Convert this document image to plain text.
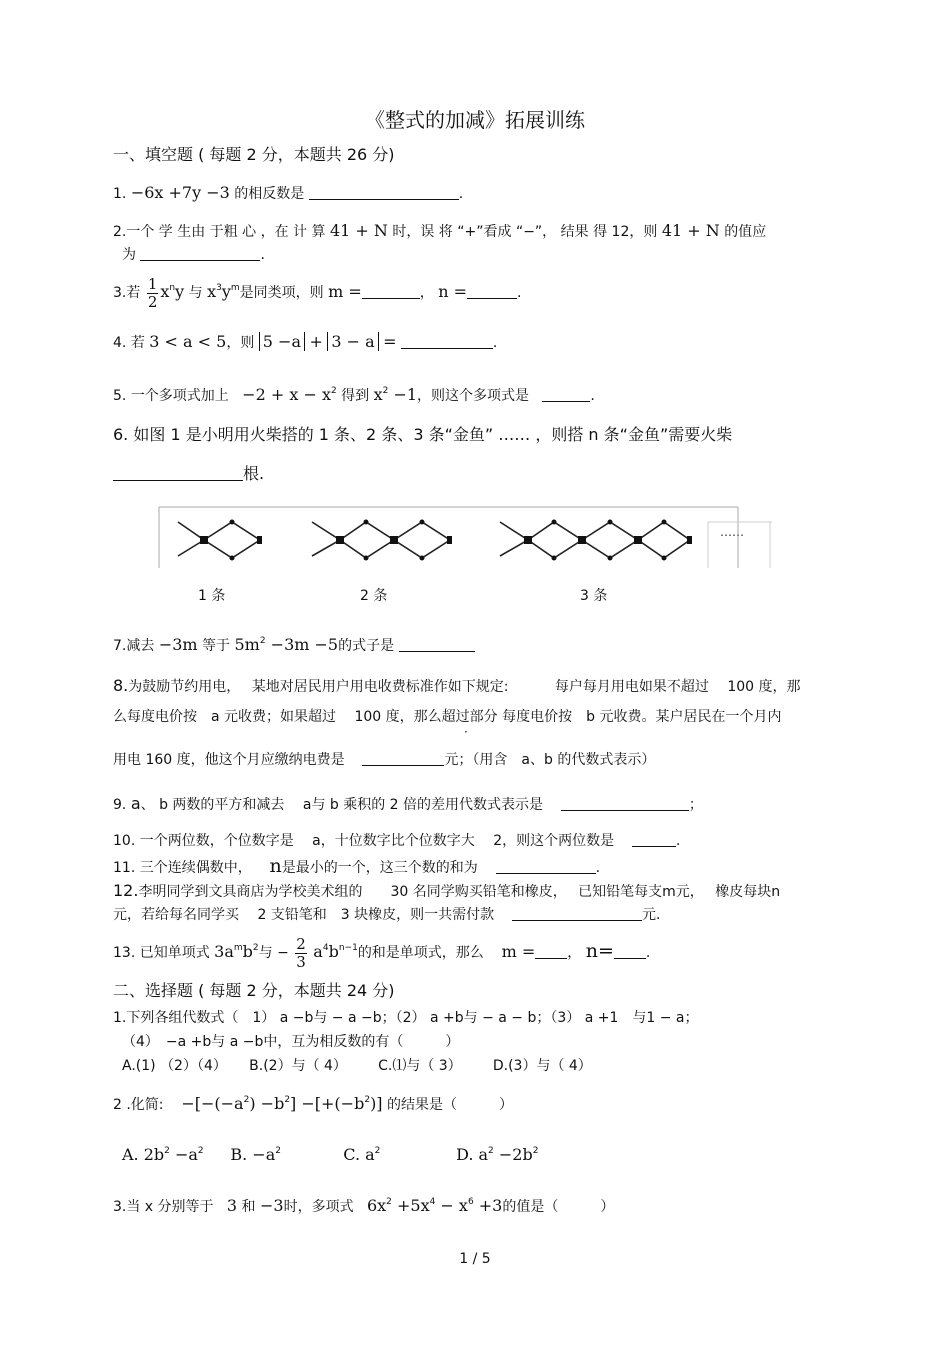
《整式的加减》拓展训练
一、填空题 ( 每题 2 分，本题共 26 分)
1. −6x +7y −3 的相反数是	.
2.一个 学 生由 于粗 心 ，在 计 算 41 + N 时，误 将 “+”看成 “−”， 结果 得 12，则 41 + N 的值应
为	.
3.若 $\frac{1}{2} x^ny$ 与 $x^3y^m$是同类项，则 m =	， n =	.
4. 若 3 < a < 5，则 5 −a + 3 − a =	.
5. 一个多项式加上 $-2 + x - x^2$ 得到 $x^2 -1$，则这个多项式是	.
6. 如图 1 是小明用火柴搭的 1 条、2 条、3 条“金鱼” …… ，则搭 n 条“金鱼”需要火柴
根.
……
1 条	2 条	3 条
7.减去 −3m 等于 $5m^2 -3m -5$的式子是
8.为鼓励节约用电，　 某地对居民用户用电收费标准作如下规定:　　　 每户每月用电如果不超过　 100 度，那
么每度电价按　a 元收费；如果超过　 100 度，那么超过部分 每度电价按　b 元收费。某户居民在一个月内
用电 160 度，他这个月应缴纳电费是	元；（用含　a、b 的代数式表示）
9. a、 b 两数的平方和减去　 a与 b 乘积的 2 倍的差用代数式表示是	；
10. 一个两位数，个位数字是　 a，十位数字比个位数字大　 2，则这个两位数是	.
11. 三个连续偶数中， n是最小的一个，这三个数的和为	.
12.李明同学到文具商店为学校美术组的　　30 名同学购买铅笔和橡皮，　 已知铅笔每支m元，　 橡皮每块n
元，若给每名同学买　 2 支铅笔和　3 块橡皮，则一共需付款	元.
13. 已知单项式 $3a^mb^2$与 − $\frac{2}{3} a^4b^{n-1}$的和是单项式，那么 m = ， n= .
二、选择题 ( 每题 2 分，本题共 24 分)
1.下列各组代数式（　1） a −b与 − a −b；（2） a +b与 − a − b；（3） a +1　与1 − a；
（4）　−a +b与 a −b中，互为相反数的有（　　　）
A.(1) （2）（4） B.(2）与（ 4） C.⑴与（ 3） D.(3）与（ 4）
2 .化简: $-[-(-a^2) -b^2] -[+(-b^2)]$ 的结果是（　　　）
A. $2b^2 -a^2$ B. $-a^2$	C. $a^2$	D. $a^2 -2b^2$
3.当 x 分别等于 3 和 −3时，多项式 $6x^2 +5x^4 - x^6 +3$的值是（　　　）
1 / 5
